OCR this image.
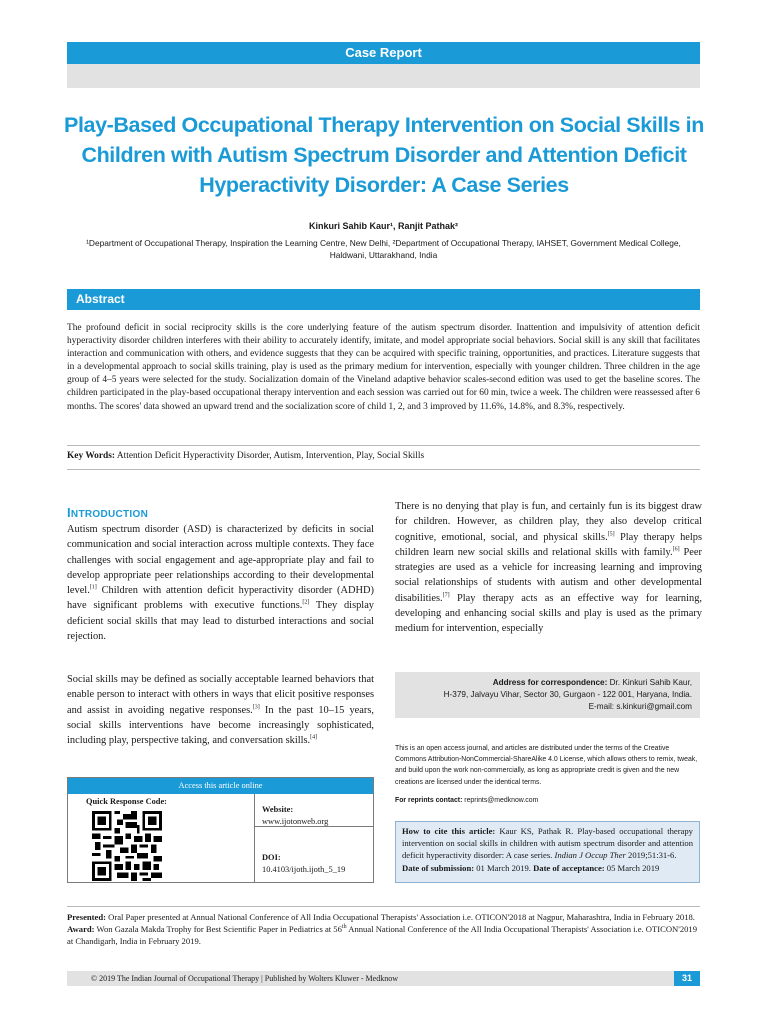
Case Report
Play-Based Occupational Therapy Intervention on Social Skills in Children with Autism Spectrum Disorder and Attention Deficit Hyperactivity Disorder: A Case Series
Kinkuri Sahib Kaur¹, Ranjit Pathak²
¹Department of Occupational Therapy, Inspiration the Learning Centre, New Delhi, ²Department of Occupational Therapy, IAHSET, Government Medical College, Haldwani, Uttarakhand, India
Abstract

The profound deficit in social reciprocity skills is the core underlying feature of the autism spectrum disorder. Inattention and impulsivity of attention deficit hyperactivity disorder children interferes with their ability to accurately identify, imitate, and model appropriate social behaviors. Social skill is any skill that facilitates interaction and communication with others, and evidence suggests that they can be acquired with specific training, opportunities, and practices. Literature suggests that in a developmental approach to social skills training, play is used as the primary medium for intervention, especially with younger children. Three children in the age group of 4–5 years were selected for the study. Socialization domain of the Vineland adaptive behavior scales-second edition was used to get the baseline scores. The children participated in the play-based occupational therapy intervention and each session was carried out for 60 min, twice a week. The children were reassessed after 6 months. The scores' data showed an upward trend and the socialization score of child 1, 2, and 3 improved by 11.6%, 14.8%, and 8.3%, respectively.

Key Words: Attention Deficit Hyperactivity Disorder, Autism, Intervention, Play, Social Skills
INTRODUCTION

Autism spectrum disorder (ASD) is characterized by deficits in social communication and social interaction across multiple contexts. They face challenges with social engagement and age-appropriate play and fail to develop appropriate peer relationships according to their developmental level.[1] Children with attention deficit hyperactivity disorder (ADHD) have significant problems with executive functions.[2] They display deficient social skills that may lead to disturbed interactions and social rejection.

Social skills may be defined as socially acceptable learned behaviors that enable person to interact with others in ways that elicit positive responses and assist in avoiding negative responses.[3] In the past 10–15 years, social skills interventions have become increasingly sophisticated, including play, perspective taking, and conversation skills.[4]

There is no denying that play is fun, and certainly fun is its biggest draw for children. However, as children play, they also develop critical cognitive, emotional, social, and physical skills.[5] Play therapy helps children learn new social skills and relational skills with family.[6] Peer strategies are used as a vehicle for increasing learning and improving social relationships of students with autism and other developmental disabilities.[7] Play therapy acts as an effective way for learning, developing and enhancing social skills and play is used as the primary medium for intervention, especially

Access this article online
Quick Response Code:
Website:
www.ijotonweb.org
DOI:
10.4103/ijoth.ijoth_5_19
Address for correspondence: Dr. Kinkuri Sahib Kaur,
H-379, Jalvayu Vihar, Sector 30, Gurgaon - 122 001, Haryana, India.
E-mail: s.kinkuri@gmail.com

This is an open access journal, and articles are distributed under the terms of the Creative Commons Attribution-NonCommercial-ShareAlike 4.0 License, which allows others to remix, tweak, and build upon the work non-commercially, as long as appropriate credit is given and the new creations are licensed under the identical terms.

For reprints contact: reprints@medknow.com
How to cite this article: Kaur KS, Pathak R. Play-based occupational therapy intervention on social skills in children with autism spectrum disorder and attention deficit hyperactivity disorder: A case series. Indian J Occup Ther 2019;51:31-6.
Date of submission: 01 March 2019. Date of acceptance: 05 March 2019
Presented: Oral Paper presented at Annual National Conference of All India Occupational Therapists' Association i.e. OTICON'2018 at Nagpur, Maharashtra, India in February 2018.
Award: Won Gazala Makda Trophy for Best Scientific Paper in Pediatrics at 56th Annual National Conference of the All India Occupational Therapists' Association i.e. OTICON'2019 at Chandigarh, India in February 2019.
© 2019 The Indian Journal of Occupational Therapy | Published by Wolters Kluwer - Medknow	31
